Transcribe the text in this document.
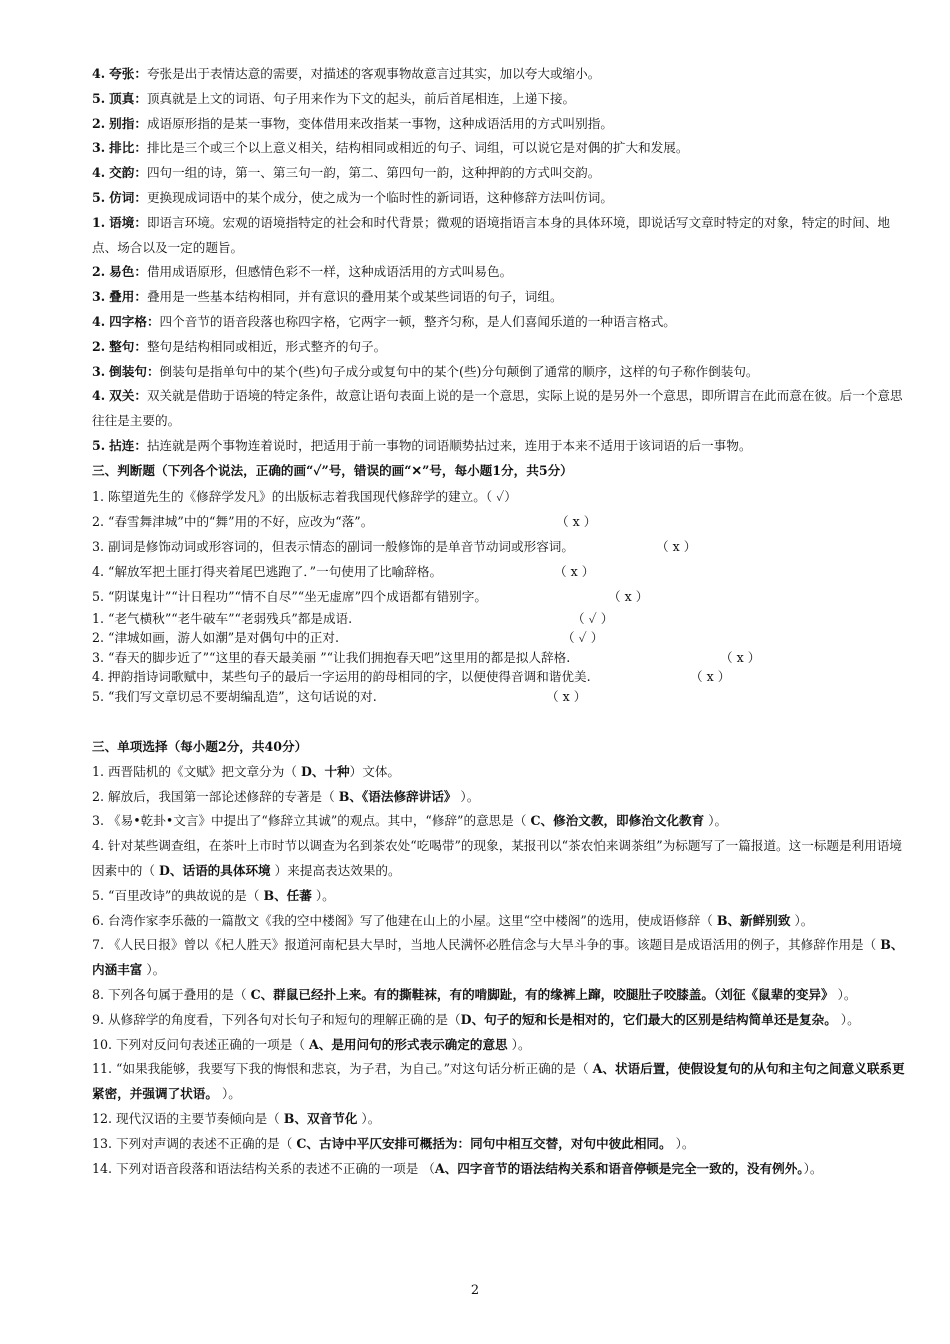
4. 夸张：夸张是出于表情达意的需要，对描述的客观事物故意言过其实，加以夸大或缩小。

5. 顶真：顶真就是上文的词语、句子用来作为下文的起头，前后首尾相连，上递下接。

2. 别指：成语原形指的是某一事物，变体借用来改指某一事物，这种成语活用的方式叫别指。

3. 排比：排比是三个或三个以上意义相关，结构相同或相近的句子、词组，可以说它是对偶的扩大和发展。

4. 交韵：四句一组的诗，第一、第三句一韵，第二、第四句一韵，这种押韵的方式叫交韵。

5. 仿词：更换现成词语中的某个成分，使之成为一个临时性的新词语，这种修辞方法叫仿词。

1. 语境：即语言环境。宏观的语境指特定的社会和时代背景；微观的语境指语言本身的具体环境，即说话写文章时特定的对象，特定的时间、地点、场合以及一定的题旨。

2. 易色：借用成语原形，但感情色彩不一样，这种成语活用的方式叫易色。

3. 叠用：叠用是一些基本结构相同，并有意识的叠用某个或某些词语的句子，词组。

4. 四字格：四个音节的语音段落也称四字格，它两字一顿，整齐匀称，是人们喜闻乐道的一种语言格式。

2. 整句：整句是结构相同或相近，形式整齐的句子。

3. 倒装句：倒装句是指单句中的某个(些)句子成分或复句中的某个(些)分句颠倒了通常的顺序，这样的句子称作倒装句。

4. 双关：双关就是借助于语境的特定条件，故意让语句表面上说的是一个意思，实际上说的是另外一个意思，即所谓言在此而意在彼。后一个意思往往是主要的。

5. 拈连：拈连就是两个事物连着说时，把适用于前一事物的词语顺势拈过来，连用于本来不适用于该词语的后一事物。

三、判断题（下列各个说法，正确的画“✓”号，错误的画“✕”号，每小题1分，共5分）

1. 陈望道先生的《修辞学发凡》的出版标志着我国现代修辞学的建立。（ ✓）
2. “春雪舞津城”中的“舞”用的不好，应改为“落”。	（ x ）
3. 副词是修饰动词或形容词的，但表示情态的副词一般修饰的是单音节动词或形容词。	（ x ）
4. “解放军把土匪打得夹着尾巴逃跑了．”一句使用了比喻辞格。	（ x ）
5. “阴谋鬼计”“计日程功”“情不自尽”“坐无虚席”四个成语都有错别字。	（ x ）
1. “老气横秋”“老牛破车”“老弱残兵”都是成语.	（ ✓ ）
2. “津城如画，游人如潮”是对偶句中的正对.	（ ✓ ）
3. “春天的脚步近了”“这里的春天最美丽 ”“让我们拥抱春天吧”这里用的都是拟人辞格.	（ x ）
4. 押韵指诗词歌赋中，某些句子的最后一字运用的韵母相同的字，以便使得音调和谐优美.	（ x ）
5. “我们写文章切忌不要胡编乱造”，这句话说的对.	（ x ）

三、单项选择（每小题2分，共40分）

1. 西晋陆机的《文赋》把文章分为（ D、十种）文体。

2. 解放后，我国第一部论述修辞的专著是（ B、《语法修辞讲话》 ）。

3. 《易•乾卦•文言》中提出了“修辞立其诚”的观点。其中，“修辞”的意思是（ C、修治文教，即修治文化教育 ）。

4. 针对某些调查组，在茶叶上市时节以调查为名到茶农处“吃喝带”的现象，某报刊以“茶农怕来调茶组”为标题写了一篇报道。这一标题是利用语境因素中的（ D、话语的具体环境 ）来提高表达效果的。

5. “百里改诗”的典故说的是（ B、任蕃 ）。

6. 台湾作家李乐薇的一篇散文《我的空中楼阁》写了他建在山上的小屋。这里“空中楼阁”的选用，使成语修辞（ B、新鲜别致 ）。

7. 《人民日报》曾以《杞人胜天》报道河南杞县大旱时，当地人民满怀必胜信念与大旱斗争的事。该题目是成语活用的例子，其修辞作用是（ B、内涵丰富 ）。

8. 下列各句属于叠用的是（ C、群鼠已经扑上来。有的撕鞋袜，有的啃脚趾，有的缘裤上蹿，咬腿肚子咬膝盖。（刘征《鼠辈的变异》 ）。

9. 从修辞学的角度看，下列各句对长句子和短句的理解正确的是（D、句子的短和长是相对的，它们最大的区别是结构简单还是复杂。 ）。

10. 下列对反问句表述正确的一项是（ A、是用问句的形式表示确定的意思 ）。

11. “如果我能够，我要写下我的悔恨和悲哀，为子君，为自己。”对这句话分析正确的是（ A、状语后置，使假设复句的从句和主句之间意义联系更紧密，并强调了状语。 ）。

12. 现代汉语的主要节奏倾向是（ B、双音节化 ）。

13. 下列对声调的表述不正确的是（ C、古诗中平仄安排可概括为：同句中相互交替，对句中彼此相同。 ）。

14. 下列对语音段落和语法结构关系的表述不正确的一项是 （A、四字音节的语法结构关系和语音停顿是完全一致的，没有例外。）。

2
